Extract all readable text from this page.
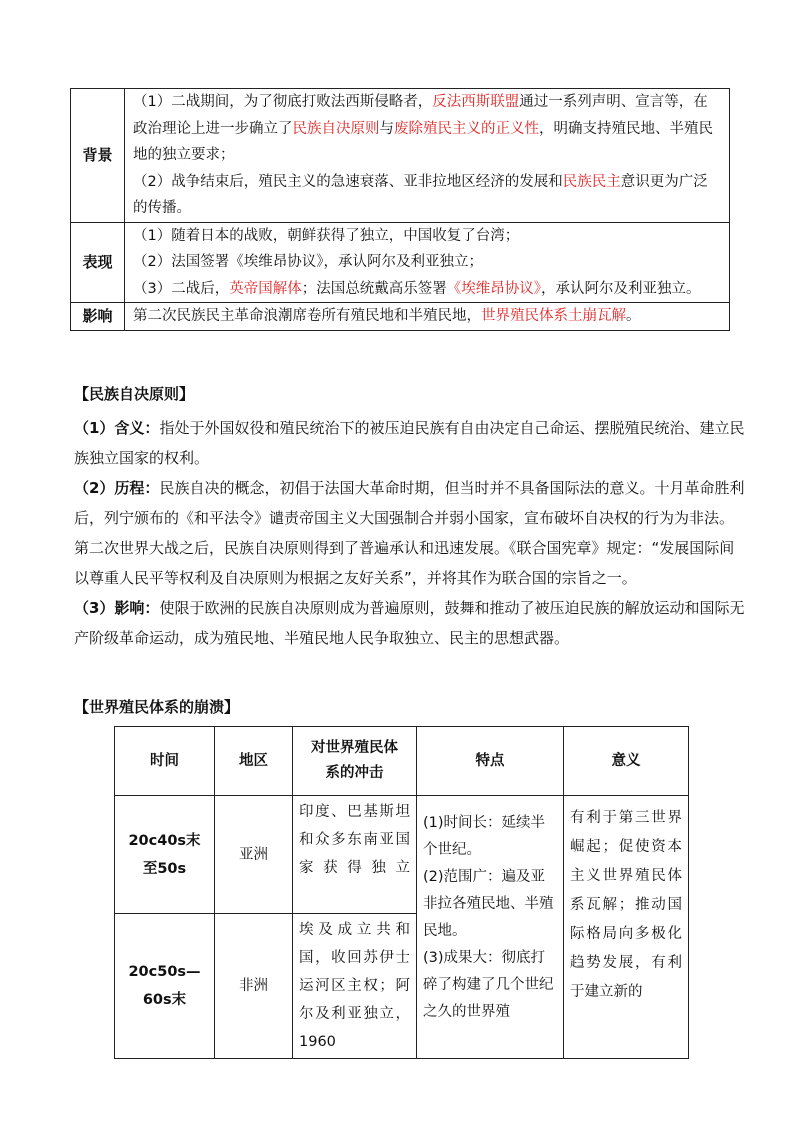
背景	（1）二战期间，为了彻底打败法西斯侵略者，反法西斯联盟通过一系列声明、宣言等，在政治理论上进一步确立了民族自决原则与废除殖民主义的正义性，明确支持殖民地、半殖民地的独立要求；

（2）战争结束后，殖民主义的急速衰落、亚非拉地区经济的发展和民族民主意识更为广泛的传播。

表现	（1）随着日本的战败，朝鲜获得了独立，中国收复了台湾；

（2）法国签署《埃维昂协议》，承认阿尔及利亚独立；

（3）二战后，英帝国解体；法国总统戴高乐签署《埃维昂协议》，承认阿尔及利亚独立。

影响	第二次民族民主革命浪潮席卷所有殖民地和半殖民地，世界殖民体系土崩瓦解。

【民族自决原则】

（1）含义：指处于外国奴役和殖民统治下的被压迫民族有自由决定自己命运、摆脱殖民统治、建立民族独立国家的权利。

（2）历程：民族自决的概念，初倡于法国大革命时期，但当时并不具备国际法的意义。十月革命胜利后，列宁颁布的《和平法令》谴责帝国主义大国强制合并弱小国家，宣布破坏自决权的行为为非法。第二次世界大战之后，民族自决原则得到了普遍承认和迅速发展。《联合国宪章》规定：“发展国际间以尊重人民平等权利及自决原则为根据之友好关系”，并将其作为联合国的宗旨之一。

（3）影响：使限于欧洲的民族自决原则成为普遍原则，鼓舞和推动了被压迫民族的解放运动和国际无产阶级革命运动，成为殖民地、半殖民地人民争取独立、民主的思想武器。

【世界殖民体系的崩溃】
时间	地区	对世界殖民体系的冲击	特点	意义
20c40s末至50s	亚洲	印度、巴基斯坦和众多东南亚国家获得独立	(1)时间长：延续半个世纪。
(2)范围广：遍及亚非拉各殖民地、半殖民地。
(3)成果大：彻底打碎了构建了几个世纪之久的世界殖	有利于第三世界崛起；促使资本主义世界殖民体系瓦解；推动国际格局向多极化趋势发展，有利于建立新的
20c50s—60s末	非洲	埃及成立共和国，收回苏伊士运河区主权；阿尔及利亚独立，1960		
